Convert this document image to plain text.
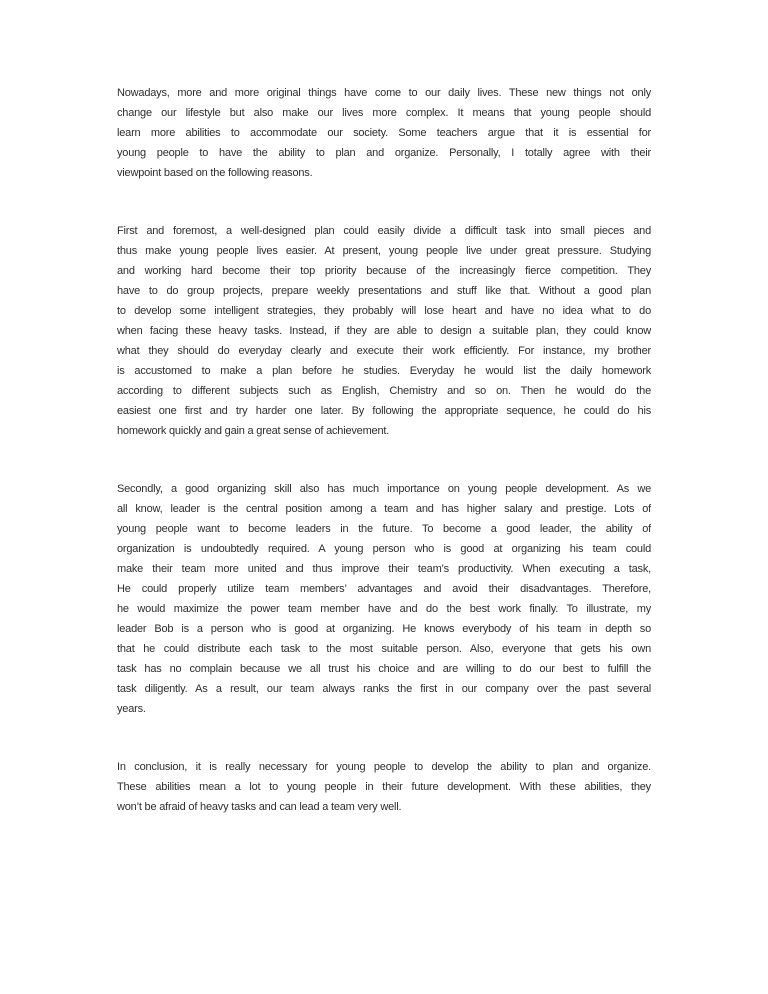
Nowadays, more and more original things have come to our daily lives. These new things not only
change our lifestyle but also make our lives more complex. It means that young people should
learn more abilities to accommodate our society. Some teachers argue that it is essential for
young people to have the ability to plan and organize. Personally, I totally agree with their
viewpoint based on the following reasons.
First and foremost, a well-designed plan could easily divide a difficult task into small pieces and
thus make young people lives easier. At present, young people live under great pressure. Studying
and working hard become their top priority because of the increasingly fierce competition. They
have to do group projects, prepare weekly presentations and stuff like that. Without a good plan
to develop some intelligent strategies, they probably will lose heart and have no idea what to do
when facing these heavy tasks. Instead, if they are able to design a suitable plan, they could know
what they should do everyday clearly and execute their work efficiently. For instance, my brother
is accustomed to make a plan before he studies. Everyday he would list the daily homework
according to different subjects such as English, Chemistry and so on. Then he would do the
easiest one first and try harder one later. By following the appropriate sequence, he could do his
homework quickly and gain a great sense of achievement.
Secondly, a good organizing skill also has much importance on young people development. As we
all know, leader is the central position among a team and has higher salary and prestige. Lots of
young people want to become leaders in the future. To become a good leader, the ability of
organization is undoubtedly required. A young person who is good at organizing his team could
make their team more united and thus improve their team’s productivity. When executing a task,
He could properly utilize team members’ advantages and avoid their disadvantages. Therefore,
he would maximize the power team member have and do the best work finally. To illustrate, my
leader Bob is a person who is good at organizing. He knows everybody of his team in depth so
that he could distribute each task to the most suitable person. Also, everyone that gets his own
task has no complain because we all trust his choice and are willing to do our best to fulfill the
task diligently. As a result, our team always ranks the first in our company over the past several
years.
In conclusion, it is really necessary for young people to develop the ability to plan and organize.
These abilities mean a lot to young people in their future development. With these abilities, they
won’t be afraid of heavy tasks and can lead a team very well.
